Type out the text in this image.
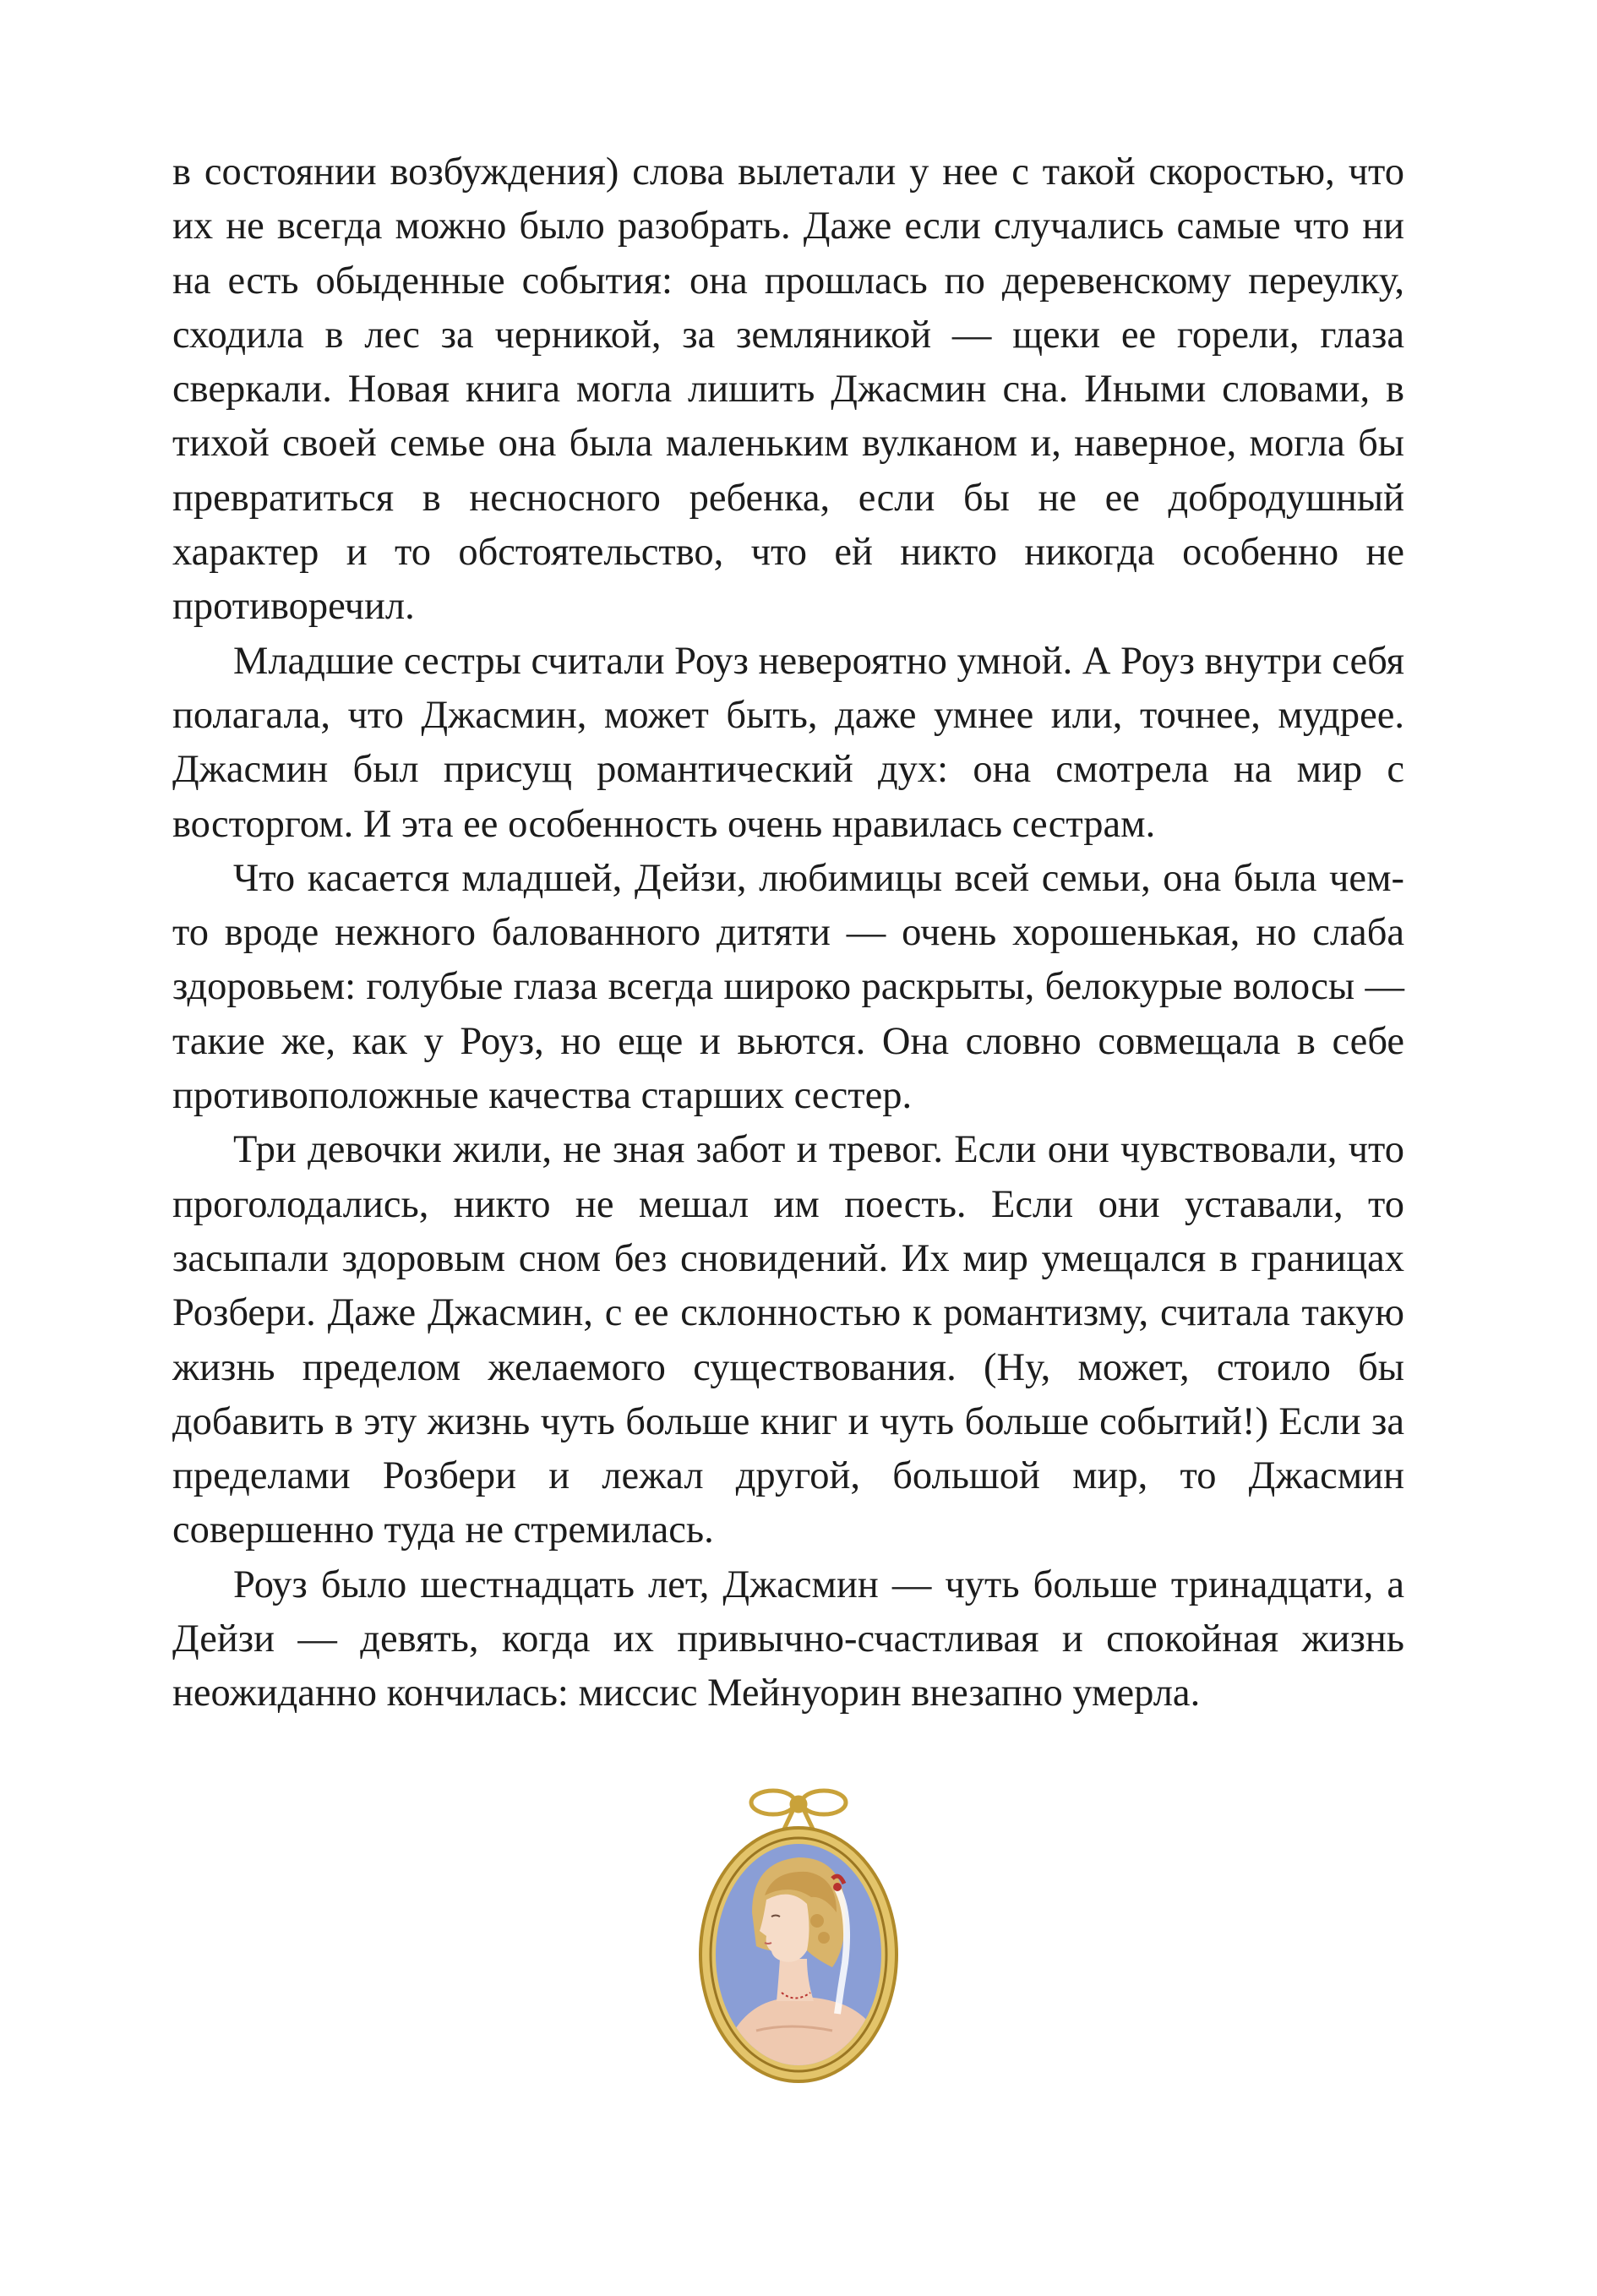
в состоянии возбуждения) слова вылетали у нее с такой скоростью, что их не всегда можно было разобрать. Даже если случались самые что ни на есть обыденные события: она прошлась по деревенскому переулку, сходила в лес за черникой, за земляникой — щеки ее горели, глаза сверкали. Новая книга могла лишить Джасмин сна. Иными словами, в тихой своей семье она была маленьким вулканом и, наверное, могла бы превратиться в несносного ребенка, если бы не ее добродушный характер и то обстоятельство, что ей никто никогда особенно не противоречил.

Младшие сестры считали Роуз невероятно умной. А Роуз внутри себя полагала, что Джасмин, может быть, даже умнее или, точнее, мудрее. Джасмин был присущ романтический дух: она смотрела на мир с восторгом. И эта ее особенность очень нравилась сестрам.

Что касается младшей, Дейзи, любимицы всей семьи, она была чем-то вроде нежного балованного дитяти — очень хорошенькая, но слаба здоровьем: голубые глаза всегда широко раскрыты, белокурые волосы — такие же, как у Роуз, но еще и вьются. Она словно совмещала в себе противоположные качества старших сестер.

Три девочки жили, не зная забот и тревог. Если они чувствовали, что проголодались, никто не мешал им поесть. Если они уставали, то засыпали здоровым сном без сновидений. Их мир умещался в границах Розбери. Даже Джасмин, с ее склонностью к романтизму, считала такую жизнь пределом желаемого существования. (Ну, может, стоило бы добавить в эту жизнь чуть больше книг и чуть больше событий!) Если за пределами Розбери и лежал другой, большой мир, то Джасмин совершенно туда не стремилась.

Роуз было шестнадцать лет, Джасмин — чуть больше тринадцати, а Дейзи — девять, когда их привычно-счастливая и спокойная жизнь неожиданно кончилась: миссис Мейнуорин внезапно умерла.
